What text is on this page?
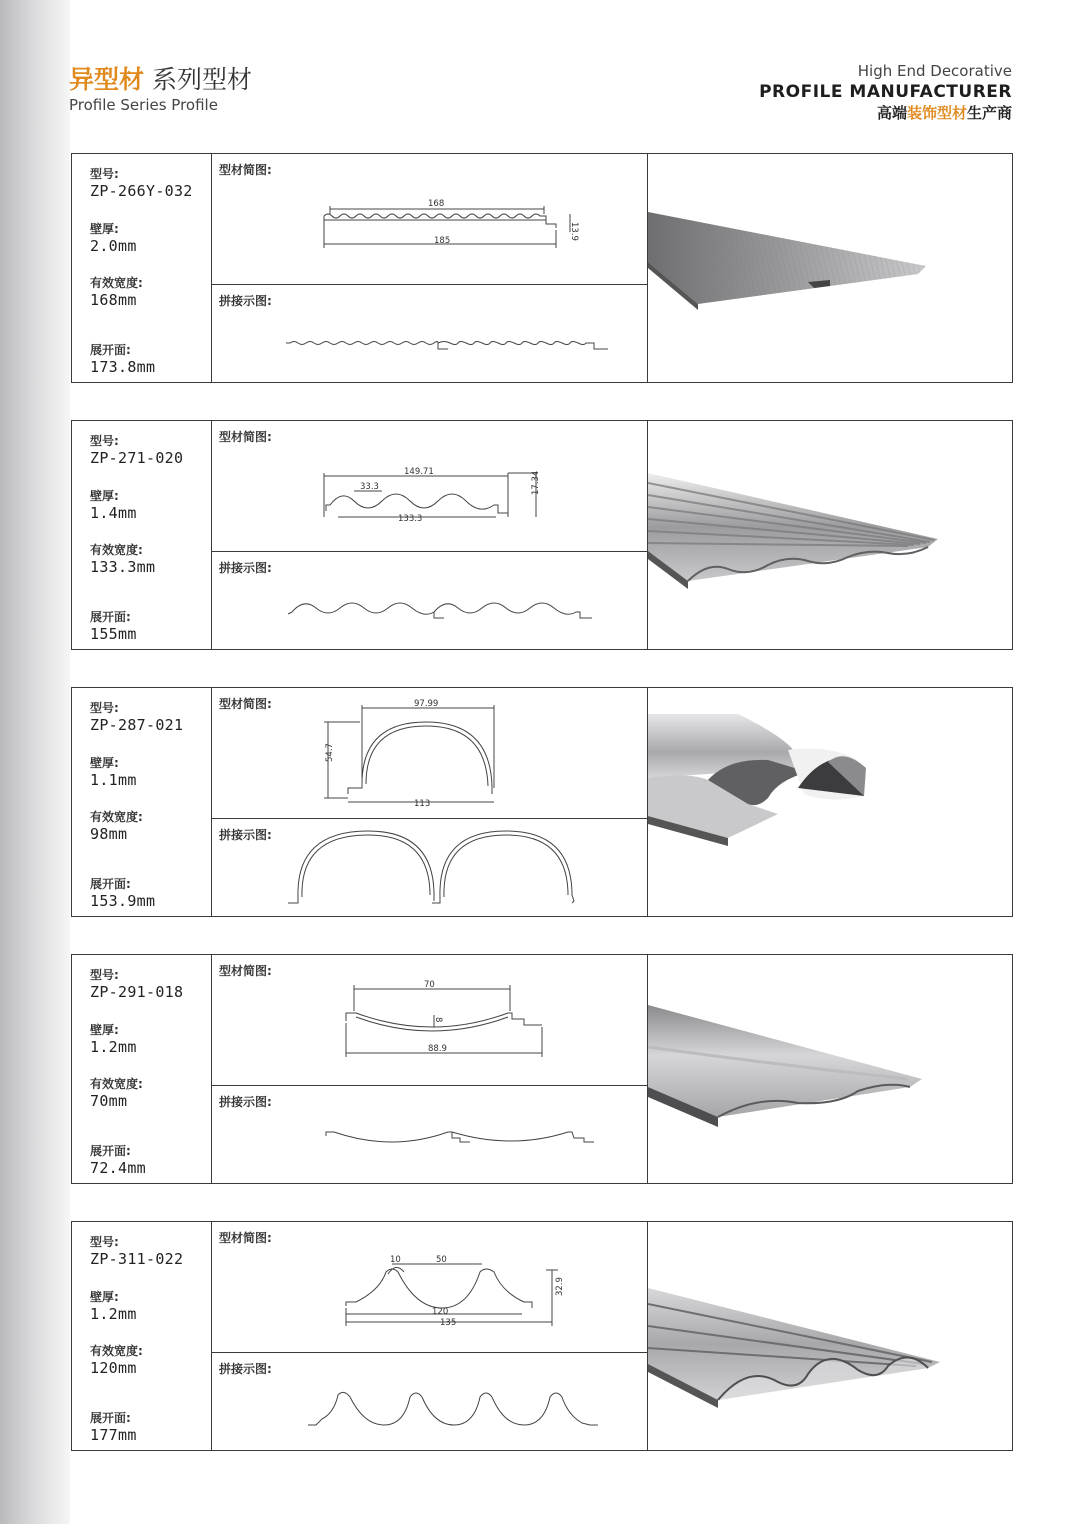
异型材 系列型材
Profile Series Profile
High End Decorative
PROFILE MANUFACTURER
高端装饰型材生产商
型号:
ZP-266Y-032
壁厚:
2.0mm
有效宽度:
168mm
展开面:
173.8mm
型材简图:
168
185
13.9
拼接示图:
型号:
ZP-271-020
壁厚:
1.4mm
有效宽度:
133.3mm
展开面:
155mm
型材简图:
149.71
33.3
133.3
17.34
拼接示图:
型号:
ZP-287-021
壁厚:
1.1mm
有效宽度:
98mm
展开面:
153.9mm
型材简图:	97.99
54.7
113
拼接示图:
型号:
ZP-291-018
壁厚:
1.2mm
有效宽度:
70mm
展开面:
72.4mm
型材简图:
70
8
88.9
拼接示图:
型号:
ZP-311-022
壁厚:
1.2mm
有效宽度:
120mm
展开面:
177mm
型材简图:
10	50
32.9
120
135
拼接示图:
